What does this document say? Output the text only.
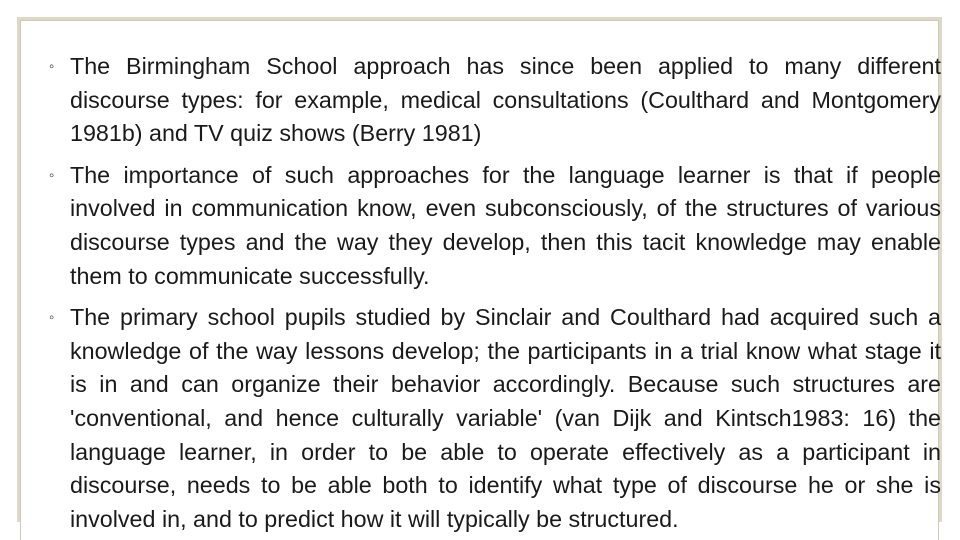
◦ The Birmingham School approach has since been applied to many different discourse types: for example, medical consultations (Coulthard and Montgomery 1981b) and TV quiz shows (Berry 1981)
◦ The importance of such approaches for the language learner is that if people involved in communication know, even subconsciously, of the structures of various discourse types and the way they develop, then this tacit knowledge may enable them to communicate successfully.
◦ The primary school pupils studied by Sinclair and Coulthard had acquired such a knowledge of the way lessons develop; the participants in a trial know what stage it is in and can organize their behavior accordingly. Because such structures are 'conventional, and hence culturally variable' (van Dijk and Kintsch1983: 16) the language learner, in order to be able to operate effectively as a participant in discourse, needs to be able both to identify what type of discourse he or she is involved in, and to predict how it will typically be structured.
